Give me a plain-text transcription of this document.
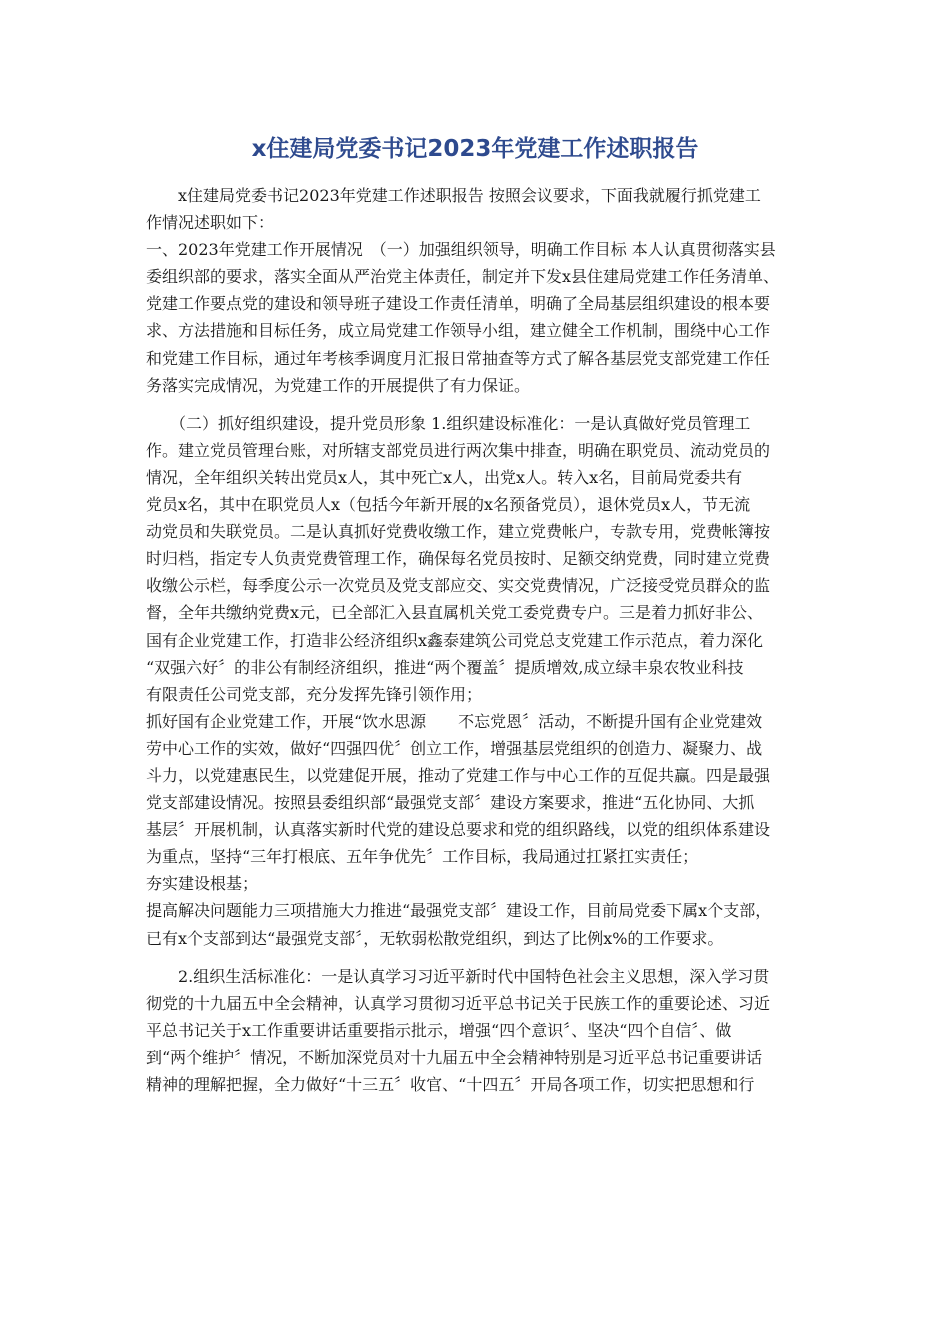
x住建局党委书记2023年党建工作述职报告
　　x住建局党委书记2023年党建工作述职报告 按照会议要求，下面我就履行抓党建工
作情况述职如下：
一、2023年党建工作开展情况　（一）加强组织领导，明确工作目标 本人认真贯彻落实县
委组织部的要求，落实全面从严治党主体责任，制定并下发x县住建局党建工作任务清单、
党建工作要点党的建设和领导班子建设工作责任清单，明确了全局基层组织建设的根本要
求、方法措施和目标任务，成立局党建工作领导小组，建立健全工作机制，围绕中心工作
和党建工作目标，通过年考核季调度月汇报日常抽查等方式了解各基层党支部党建工作任
务落实完成情况，为党建工作的开展提供了有力保证。
　　（二）抓好组织建设，提升党员形象 1.组织建设标准化：一是认真做好党员管理工
作。建立党员管理台账，对所辖支部党员进行两次集中排查，明确在职党员、流动党员的
情况，全年组织关转出党员x人，其中死亡x人，出党x人。转入x名，目前局党委共有
党员x名，其中在职党员人x（包括今年新开展的x名预备党员），退休党员x人，节无流
动党员和失联党员。二是认真抓好党费收缴工作，建立党费帐户，专款专用，党费帐簿按
时归档，指定专人负责党费管理工作，确保每名党员按时、足额交纳党费，同时建立党费
收缴公示栏，每季度公示一次党员及党支部应交、实交党费情况，广泛接受党员群众的监
督，全年共缴纳党费x元，已全部汇入县直属机关党工委党费专户。三是着力抓好非公、
国有企业党建工作，打造非公经济组织x鑫泰建筑公司党总支党建工作示范点，着力深化
“双强六好〞的非公有制经济组织，推进“两个覆盖〞提质增效,成立绿丰泉农牧业科技
有限责任公司党支部，充分发挥先锋引领作用；
抓好国有企业党建工作，开展“饮水思源　　不忘党恩〞活动，不断提升国有企业党建效
劳中心工作的实效，做好“四强四优〞创立工作，增强基层党组织的创造力、凝聚力、战
斗力，以党建惠民生，以党建促开展，推动了党建工作与中心工作的互促共赢。四是最强
党支部建设情况。按照县委组织部“最强党支部〞建设方案要求，推进“五化协同、大抓
基层〞开展机制，认真落实新时代党的建设总要求和党的组织路线，以党的组织体系建设
为重点，坚持“三年打根底、五年争优先〞工作目标，我局通过扛紧扛实责任；
夯实建设根基；
提高解决问题能力三项措施大力推进“最强党支部〞建设工作，目前局党委下属x个支部，
已有x个支部到达“最强党支部〞，无软弱松散党组织，到达了比例x%的工作要求。
　　2.组织生活标准化：一是认真学习习近平新时代中国特色社会主义思想，深入学习贯
彻党的十九届五中全会精神，认真学习贯彻习近平总书记关于民族工作的重要论述、习近
平总书记关于x工作重要讲话重要指示批示，增强“四个意识〞、坚决“四个自信〞、做
到“两个维护〞情况，不断加深党员对十九届五中全会精神特别是习近平总书记重要讲话
精神的理解把握，全力做好“十三五〞收官、“十四五〞开局各项工作，切实把思想和行
